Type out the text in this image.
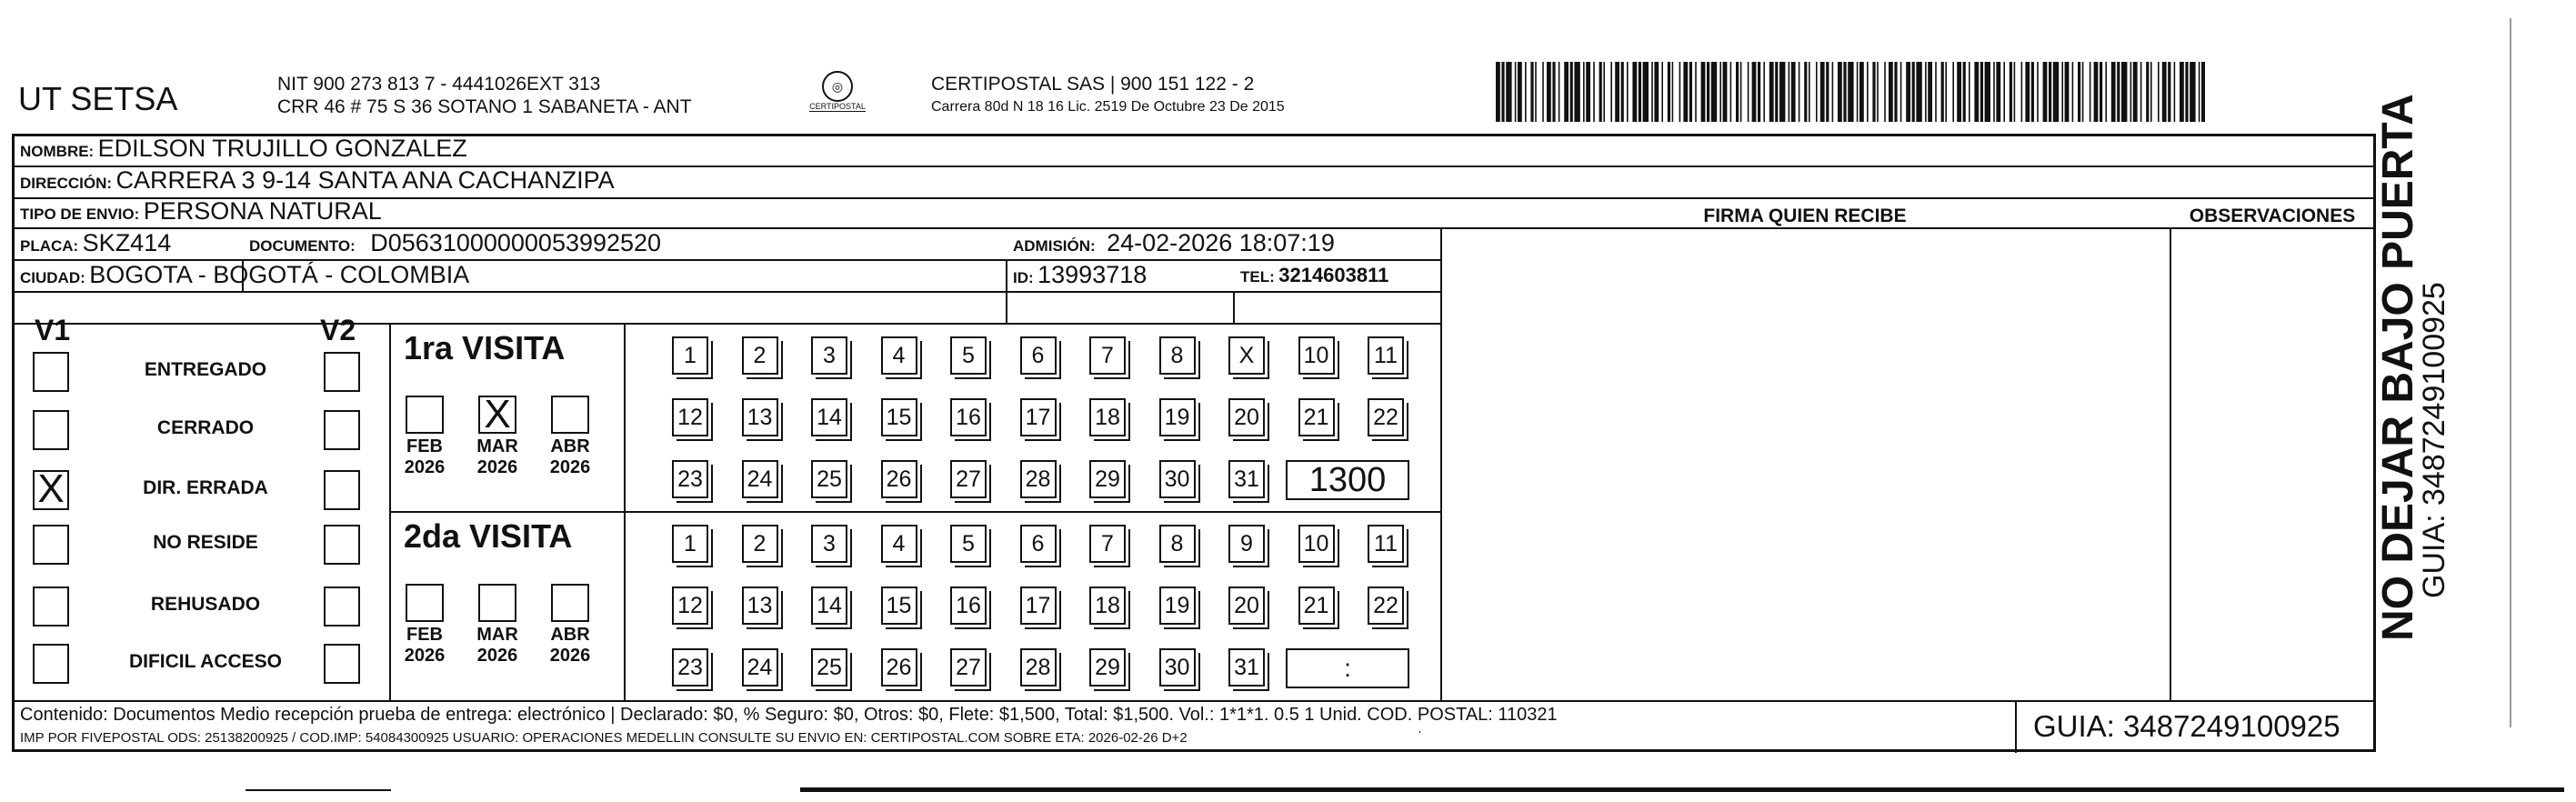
UT SETSA	NIT 900 273 813 7 - 4441026EXT 313
CRR 46 # 75 S 36 SOTANO 1 SABANETA - ANT
◎
CERTIPOSTAL
CERTIPOSTAL SAS | 900 151 122 - 2
Carrera 80d N 18 16 Lic. 2519 De Octubre 23 De 2015
NOMBRE: EDILSON TRUJILLO GONZALEZ
DIRECCIÓN: CARRERA 3 9-14 SANTA ANA CACHANZIPA
TIPO DE ENVIO: PERSONA NATURAL	FIRMA QUIEN RECIBE	OBSERVACIONES
PLACA: SKZ414	DOCUMENTO: D05631000000053992520	ADMISIÓN: 24-02-2026 18:07:19
CIUDAD: BOGOTA - BOGOTÁ - COLOMBIA	ID: 13993718	TEL: 3214603811
V1	V2
ENTREGADO
CERRADO
X	DIR. ERRADA
NO RESIDE
REHUSADO
DIFICIL ACCESO
1ra VISITA
FEB
2026
X
MAR
2026
ABR
2026
1	2	3	4	5	6	7	8	X	10 11
12 13 14 15 16 17 18 19 20 21 22
23 24 25 26 27 28 29 30 31	1300
2da VISITA
FEB
2026
MAR
2026
ABR
2026
1	2	3	4	5	6	7	8	9	10 11
12 13 14 15 16 17 18 19 20 21 22
23 24 25 26 27 28 29 30 31	:
Contenido: Documentos Medio recepción prueba de entrega: electrónico | Declarado: $0, % Seguro: $0, Otros: $0, Flete: $1,500, Total: $1,500. Vol.: 1*1*1. 0.5 1 Unid. COD. POSTAL: 110321
IMP POR FIVEPOSTAL ODS: 25138200925 / COD.IMP: 54084300925 USUARIO: OPERACIONES MEDELLIN CONSULTE SU ENVIO EN: CERTIPOSTAL.COM SOBRE ETA: 2026-02-26 D+2	GUIA: 3487249100925
NO DEJAR BAJO PUERTA
GUIA: 3487249100925
